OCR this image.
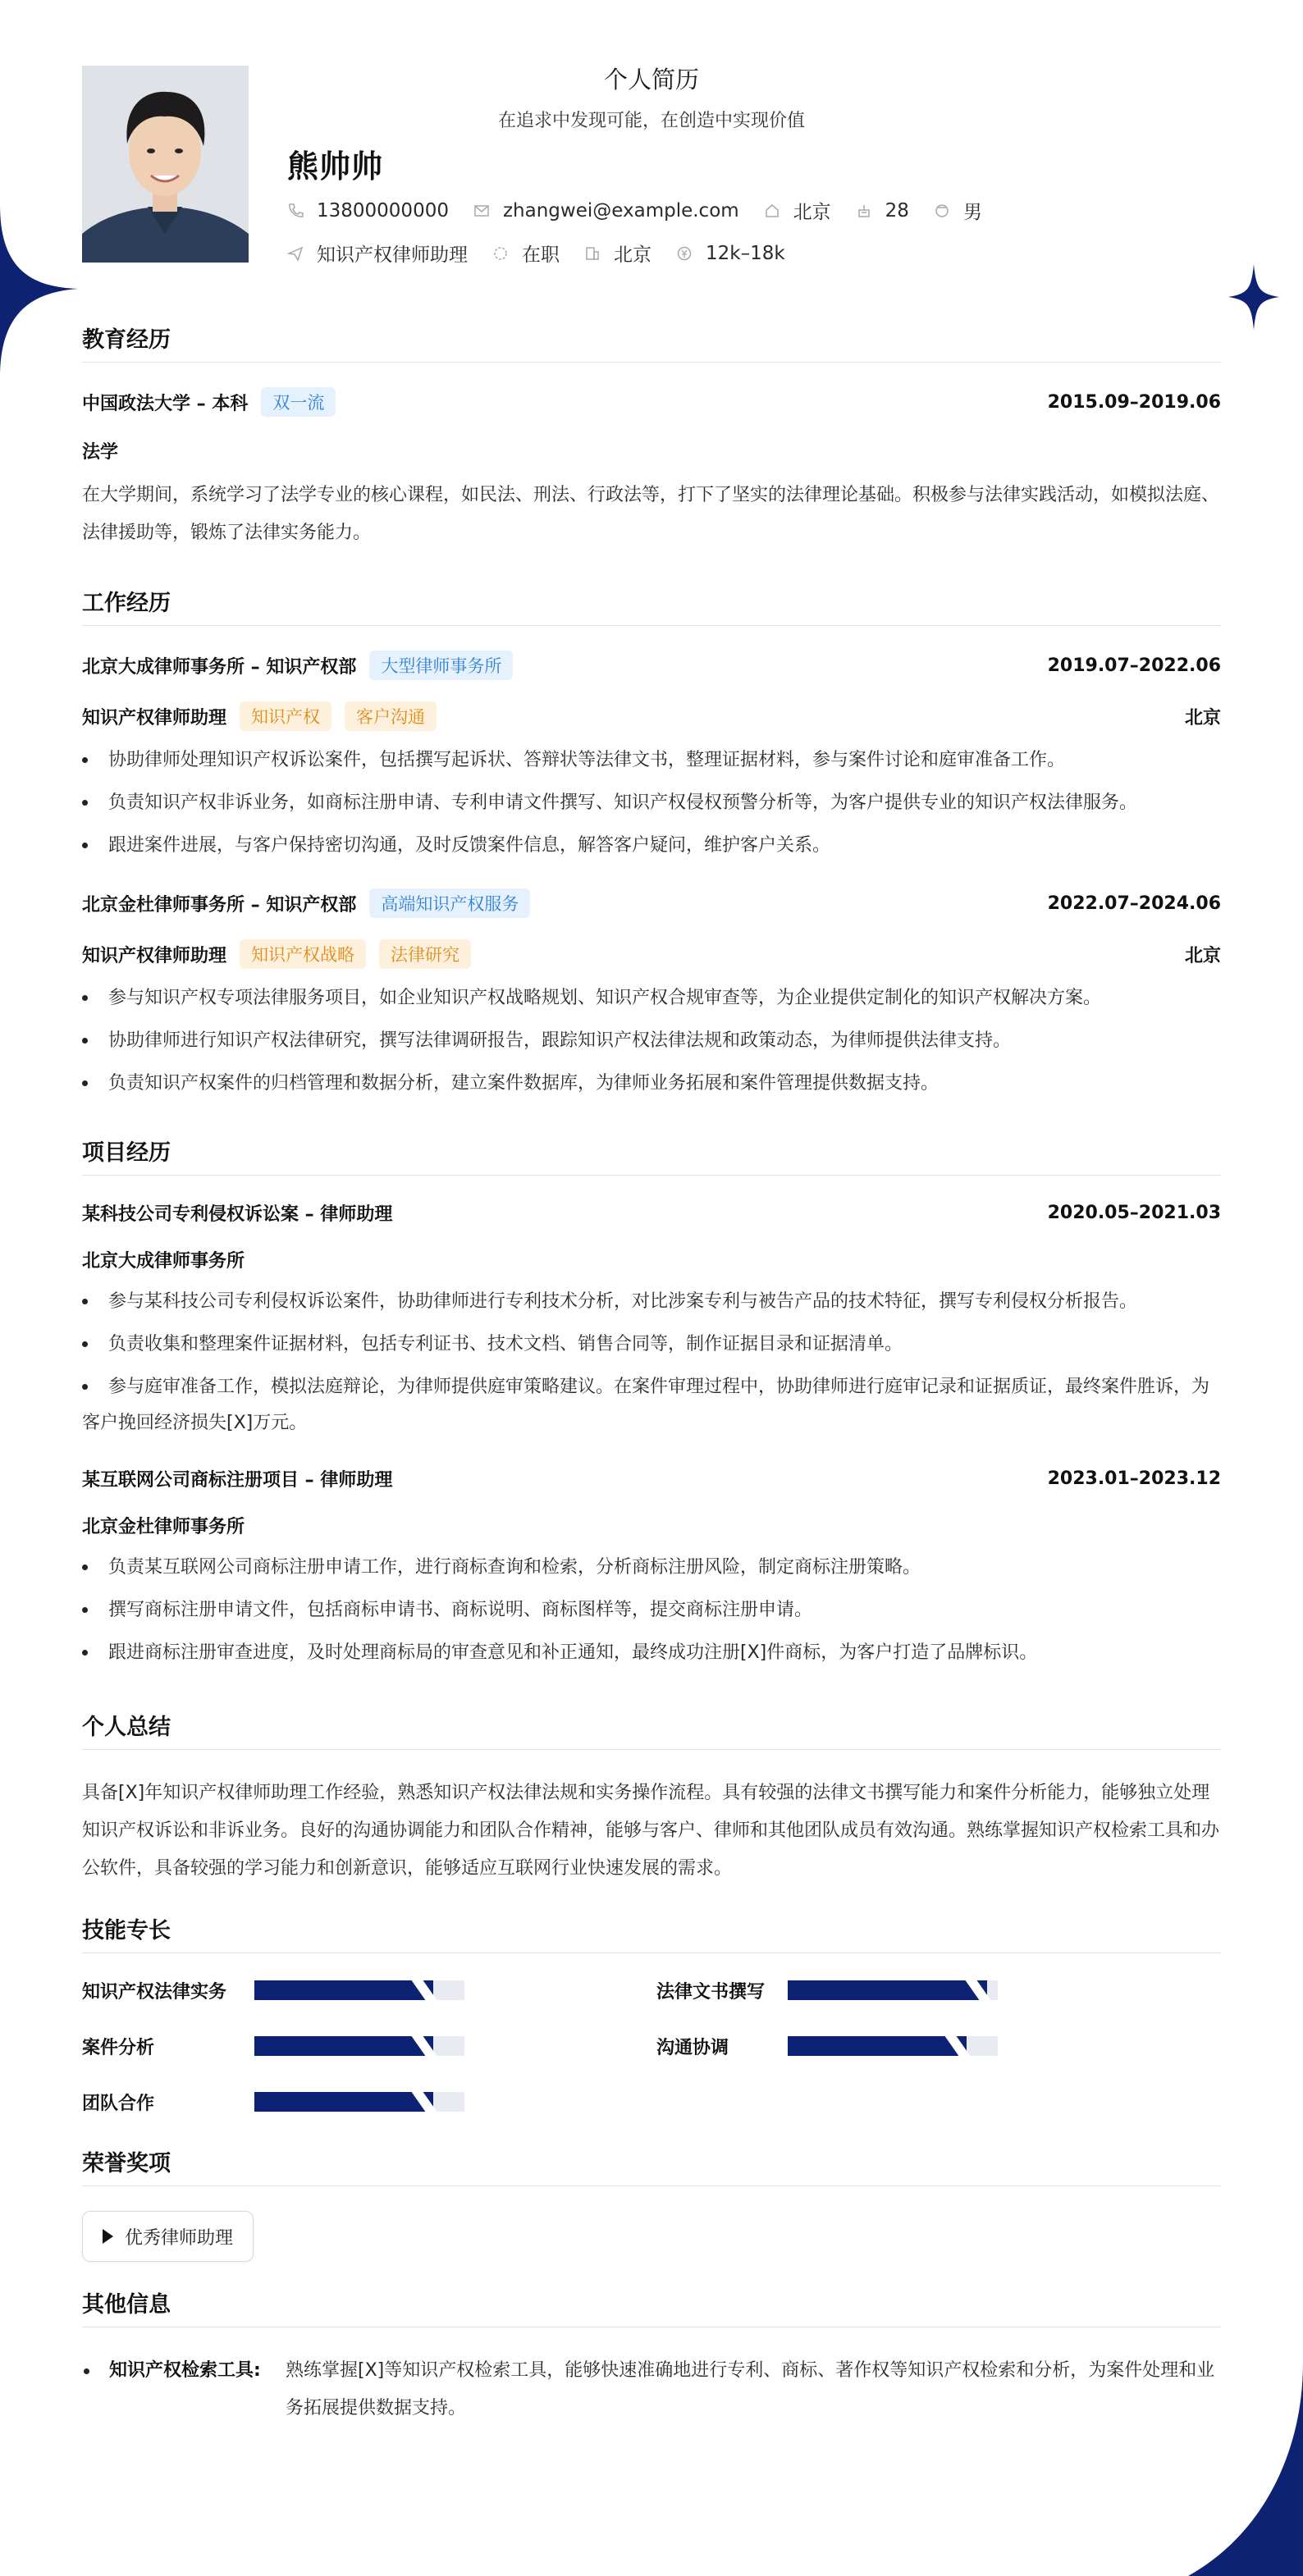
个人简历
在追求中发现可能，在创造中实现价值
熊帅帅
13800000000	zhangwei@example.com	北京	28	男
知识产权律师助理	在职	北京	12k–18k
教育经历
中国政法大学 – 本科	双一流	2015.09–2019.06
法学
在大学期间，系统学习了法学专业的核心课程，如民法、刑法、行政法等，打下了坚实的法律理论基础。积极参与法律实践活动，如模拟法庭、法律援助等，锻炼了法律实务能力。
工作经历
北京大成律师事务所 – 知识产权部	大型律师事务所	2019.07–2022.06
知识产权律师助理	知识产权	客户沟通	北京
协助律师处理知识产权诉讼案件，包括撰写起诉状、答辩状等法律文书，整理证据材料，参与案件讨论和庭审准备工作。
负责知识产权非诉业务，如商标注册申请、专利申请文件撰写、知识产权侵权预警分析等，为客户提供专业的知识产权法律服务。
跟进案件进展，与客户保持密切沟通，及时反馈案件信息，解答客户疑问，维护客户关系。
北京金杜律师事务所 – 知识产权部	高端知识产权服务	2022.07–2024.06
知识产权律师助理	知识产权战略	法律研究	北京
参与知识产权专项法律服务项目，如企业知识产权战略规划、知识产权合规审查等，为企业提供定制化的知识产权解决方案。
协助律师进行知识产权法律研究，撰写法律调研报告，跟踪知识产权法律法规和政策动态，为律师提供法律支持。
负责知识产权案件的归档管理和数据分析，建立案件数据库，为律师业务拓展和案件管理提供数据支持。
项目经历
某科技公司专利侵权诉讼案 – 律师助理	2020.05–2021.03
北京大成律师事务所
参与某科技公司专利侵权诉讼案件，协助律师进行专利技术分析，对比涉案专利与被告产品的技术特征，撰写专利侵权分析报告。
负责收集和整理案件证据材料，包括专利证书、技术文档、销售合同等，制作证据目录和证据清单。
参与庭审准备工作，模拟法庭辩论，为律师提供庭审策略建议。在案件审理过程中，协助律师进行庭审记录和证据质证，最终案件胜诉，为客户挽回经济损失[X]万元。
某互联网公司商标注册项目 – 律师助理	2023.01–2023.12
北京金杜律师事务所
负责某互联网公司商标注册申请工作，进行商标查询和检索，分析商标注册风险，制定商标注册策略。
撰写商标注册申请文件，包括商标申请书、商标说明、商标图样等，提交商标注册申请。
跟进商标注册审查进度，及时处理商标局的审查意见和补正通知，最终成功注册[X]件商标，为客户打造了品牌标识。
个人总结
具备[X]年知识产权律师助理工作经验，熟悉知识产权法律法规和实务操作流程。具有较强的法律文书撰写能力和案件分析能力，能够独立处理知识产权诉讼和非诉业务。良好的沟通协调能力和团队合作精神，能够与客户、律师和其他团队成员有效沟通。熟练掌握知识产权检索工具和办公软件，具备较强的学习能力和创新意识，能够适应互联网行业快速发展的需求。
技能专长
知识产权法律实务	法律文书撰写
案件分析	沟通协调
团队合作
荣誉奖项
优秀律师助理
其他信息
知识产权检索工具:	熟练掌握[X]等知识产权检索工具，能够快速准确地进行专利、商标、著作权等知识产权检索和分析，为案件处理和业务拓展提供数据支持。
